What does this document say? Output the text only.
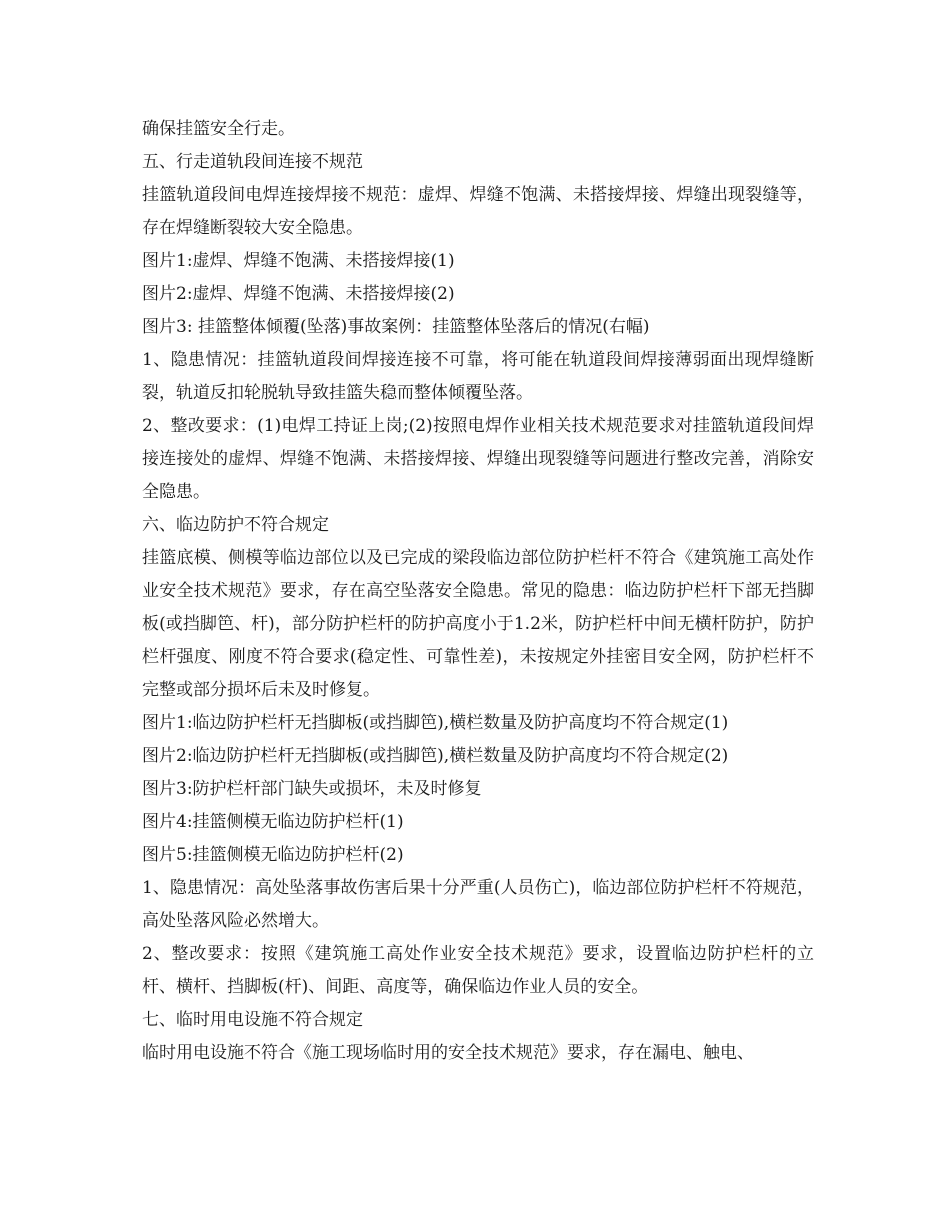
确保挂篮安全行走。

五、行走道轨段间连接不规范

挂篮轨道段间电焊连接焊接不规范：虚焊、焊缝不饱满、未搭接焊接、焊缝出现裂缝等，存在焊缝断裂较大安全隐患。

图片1:虚焊、焊缝不饱满、未搭接焊接(1)

图片2:虚焊、焊缝不饱满、未搭接焊接(2)

图片3: 挂篮整体倾覆(坠落)事故案例：挂篮整体坠落后的情况(右幅)

1、隐患情况：挂篮轨道段间焊接连接不可靠，将可能在轨道段间焊接薄弱面出现焊缝断裂，轨道反扣轮脱轨导致挂篮失稳而整体倾覆坠落。

2、整改要求：(1)电焊工持证上岗;(2)按照电焊作业相关技术规范要求对挂篮轨道段间焊接连接处的虚焊、焊缝不饱满、未搭接焊接、焊缝出现裂缝等问题进行整改完善，消除安全隐患。

六、临边防护不符合规定

挂篮底模、侧模等临边部位以及已完成的梁段临边部位防护栏杆不符合《建筑施工高处作业安全技术规范》要求，存在高空坠落安全隐患。常见的隐患：临边防护栏杆下部无挡脚板(或挡脚笆、杆)，部分防护栏杆的防护高度小于1.2米，防护栏杆中间无横杆防护，防护栏杆强度、刚度不符合要求(稳定性、可靠性差)，未按规定外挂密目安全网，防护栏杆不完整或部分损坏后未及时修复。

图片1:临边防护栏杆无挡脚板(或挡脚笆),横栏数量及防护高度均不符合规定(1)

图片2:临边防护栏杆无挡脚板(或挡脚笆),横栏数量及防护高度均不符合规定(2)

图片3:防护栏杆部门缺失或损坏，未及时修复

图片4:挂篮侧模无临边防护栏杆(1)

图片5:挂篮侧模无临边防护栏杆(2)

1、隐患情况：高处坠落事故伤害后果十分严重(人员伤亡)，临边部位防护栏杆不符规范，高处坠落风险必然增大。

2、整改要求：按照《建筑施工高处作业安全技术规范》要求，设置临边防护栏杆的立杆、横杆、挡脚板(杆)、间距、高度等，确保临边作业人员的安全。

七、临时用电设施不符合规定

临时用电设施不符合《施工现场临时用的安全技术规范》要求，存在漏电、触电、
